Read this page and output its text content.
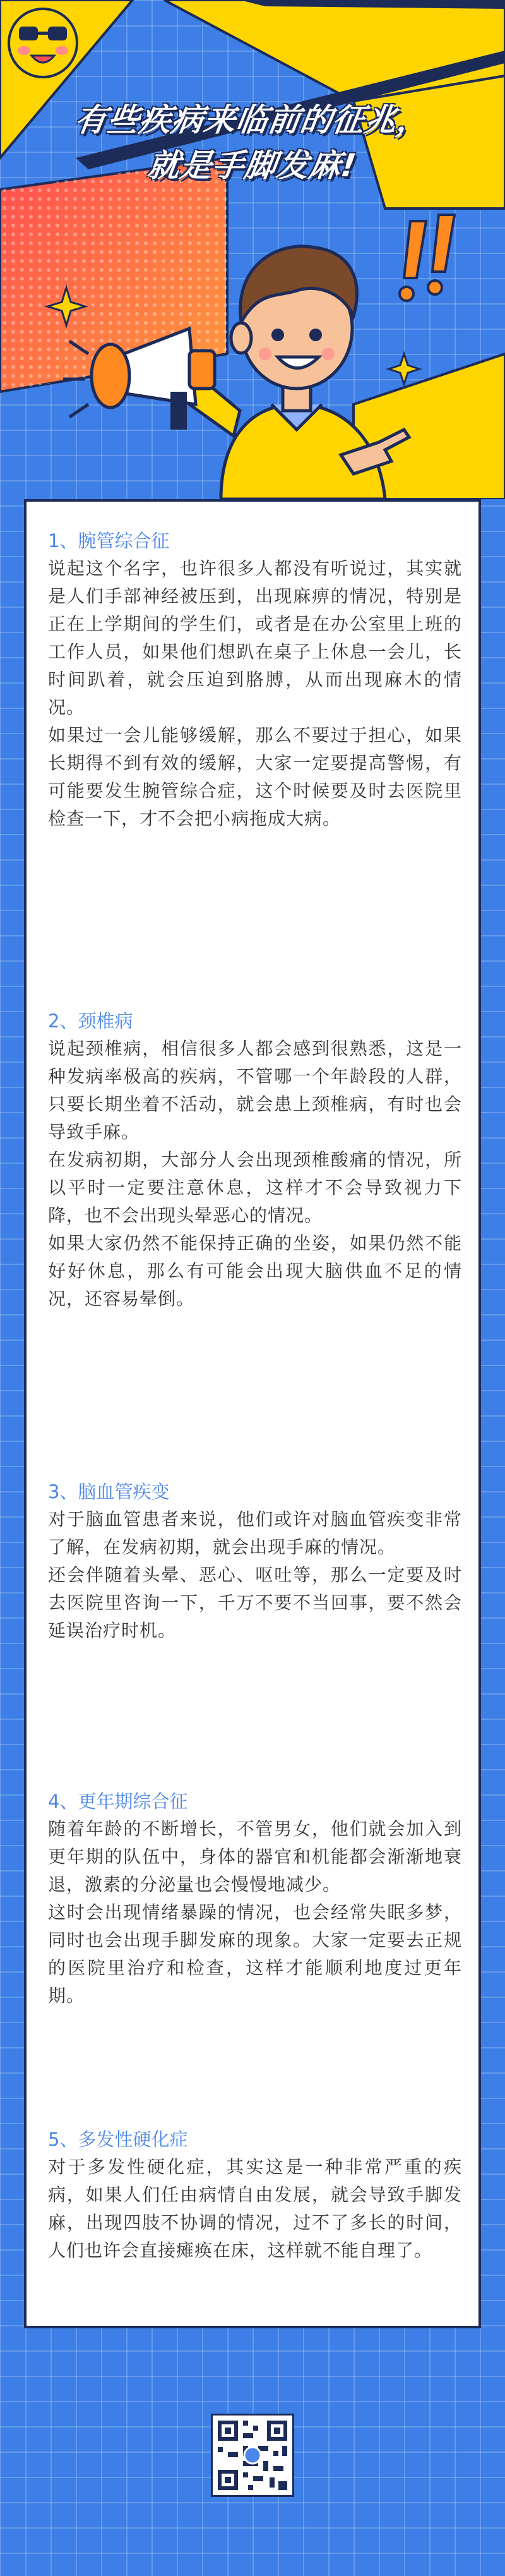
有些疾病来临前的征兆，
就是手脚发麻!

1、腕管综合征

说起这个名字，也许很多人都没有听说过，其实就是人们手部神经被压到，出现麻痹的情况，特别是正在上学期间的学生们，或者是在办公室里上班的工作人员，如果他们想趴在桌子上休息一会儿，长时间趴着，就会压迫到胳膊，从而出现麻木的情况。

如果过一会儿能够缓解，那么不要过于担心，如果长期得不到有效的缓解，大家一定要提高警惕，有可能要发生腕管综合症，这个时候要及时去医院里检查一下，才不会把小病拖成大病。

2、颈椎病

说起颈椎病，相信很多人都会感到很熟悉，这是一种发病率极高的疾病，不管哪一个年龄段的人群，只要长期坐着不活动，就会患上颈椎病，有时也会导致手麻。

在发病初期，大部分人会出现颈椎酸痛的情况，所以平时一定要注意休息，这样才不会导致视力下降，也不会出现头晕恶心的情况。

如果大家仍然不能保持正确的坐姿，如果仍然不能好好休息，那么有可能会出现大脑供血不足的情况，还容易晕倒。

3、脑血管疾变

对于脑血管患者来说，他们或许对脑血管疾变非常了解，在发病初期，就会出现手麻的情况。

还会伴随着头晕、恶心、呕吐等，那么一定要及时去医院里咨询一下，千万不要不当回事，要不然会延误治疗时机。

4、更年期综合征

随着年龄的不断增长，不管男女，他们就会加入到更年期的队伍中，身体的器官和机能都会渐渐地衰退，激素的分泌量也会慢慢地减少。

这时会出现情绪暴躁的情况，也会经常失眠多梦，同时也会出现手脚发麻的现象。大家一定要去正规的医院里治疗和检查，这样才能顺利地度过更年期。

5、多发性硬化症

对于多发性硬化症，其实这是一种非常严重的疾病，如果人们任由病情自由发展，就会导致手脚发麻，出现四肢不协调的情况，过不了多长的时间，人们也许会直接瘫痪在床，这样就不能自理了。
